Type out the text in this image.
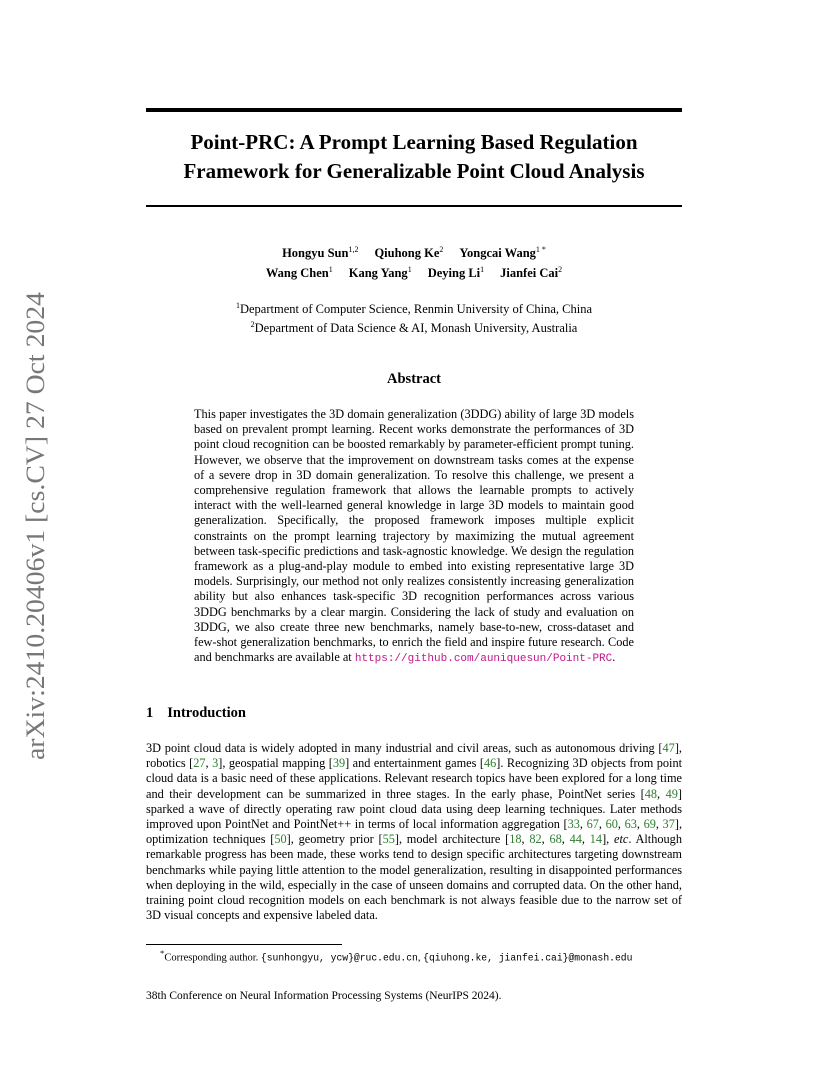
arXiv:2410.20406v1 [cs.CV] 27 Oct 2024
Point-PRC: A Prompt Learning Based Regulation
Framework for Generalizable Point Cloud Analysis
Hongyu Sun$^{1,2}$ Qiuhong Ke$^2$ Yongcai Wang$^{1 *}$
Wang Chen$^1$ Kang Yang$^1$ Deying Li$^1$ Jianfei Cai$^2$
$^1$Department of Computer Science, Renmin University of China, China
$^2$Department of Data Science & AI, Monash University, Australia
Abstract
This paper investigates the 3D domain generalization (3DDG) ability of large 3D models based on prevalent prompt learning. Recent works demonstrate the performances of 3D point cloud recognition can be boosted remarkably by parameter-efficient prompt tuning. However, we observe that the improvement on downstream tasks comes at the expense of a severe drop in 3D domain generalization. To resolve this challenge, we present a comprehensive regulation framework that allows the learnable prompts to actively interact with the well-learned general knowledge in large 3D models to maintain good generalization. Specifically, the proposed framework imposes multiple explicit constraints on the prompt learning trajectory by maximizing the mutual agreement between task-specific predictions and task-agnostic knowledge. We design the regulation framework as a plug-and-play module to embed into existing representative large 3D models. Surprisingly, our method not only realizes consistently increasing generalization ability but also enhances task-specific 3D recognition performances across various 3DDG benchmarks by a clear margin. Considering the lack of study and evaluation on 3DDG, we also create three new benchmarks, namely base-to-new, cross-dataset and few-shot generalization benchmarks, to enrich the field and inspire future research. Code and benchmarks are available at https://github.com/auniquesun/Point-PRC.
1 Introduction
3D point cloud data is widely adopted in many industrial and civil areas, such as autonomous driving [47], robotics [27, 3], geospatial mapping [39] and entertainment games [46]. Recognizing 3D objects from point cloud data is a basic need of these applications. Relevant research topics have been explored for a long time and their development can be summarized in three stages. In the early phase, PointNet series [48, 49] sparked a wave of directly operating raw point cloud data using deep learning techniques. Later methods improved upon PointNet and PointNet++ in terms of local information aggregation [33, 67, 60, 63, 69, 37], optimization techniques [50], geometry prior [55], model architecture [18, 82, 68, 44, 14], etc. Although remarkable progress has been made, these works tend to design specific architectures targeting downstream benchmarks while paying little attention to the model generalization, resulting in disappointed performances when deploying in the wild, especially in the case of unseen domains and corrupted data. On the other hand, training point cloud recognition models on each benchmark is not always feasible due to the narrow set of 3D visual concepts and expensive labeled data.
*Corresponding author. {sunhongyu, ycw}@ruc.edu.cn, {qiuhong.ke, jianfei.cai}@monash.edu
38th Conference on Neural Information Processing Systems (NeurIPS 2024).
